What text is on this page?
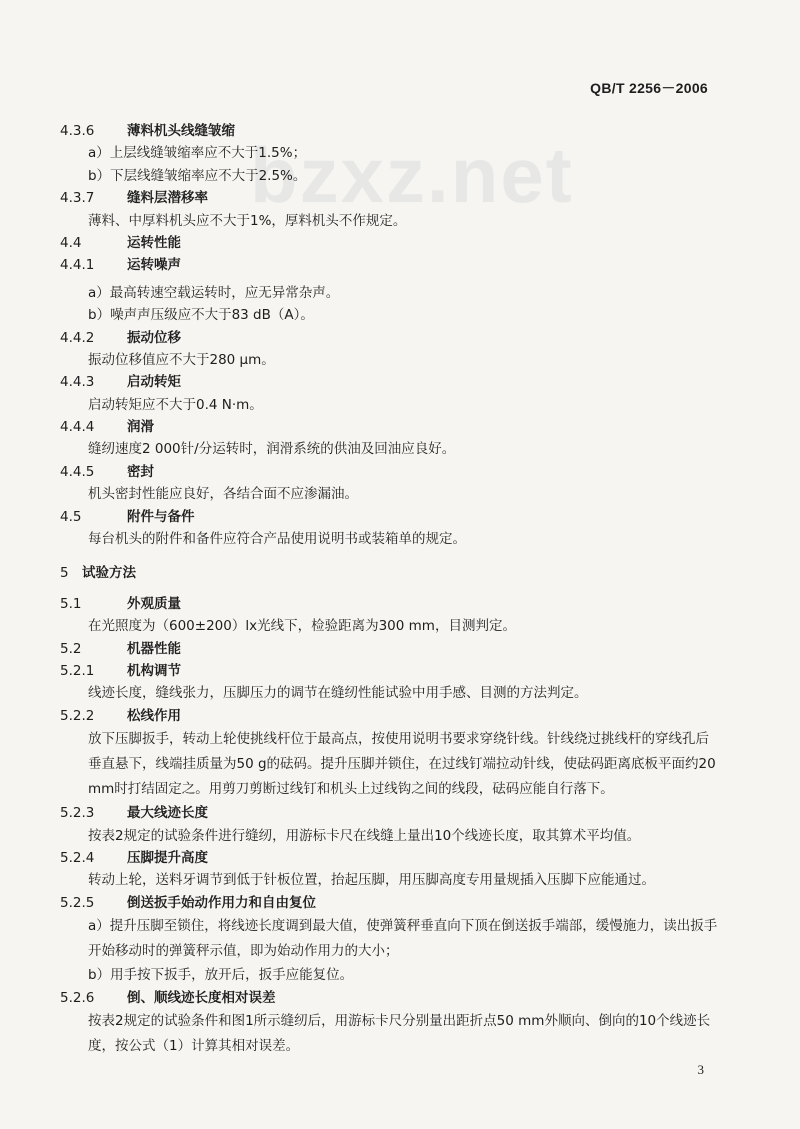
bzxz.net
QB/T 2256－2006
4.3.6 薄料机头线缝皱缩
a）上层线缝皱缩率应不大于1.5%；
b）下层线缝皱缩率应不大于2.5%。
4.3.7 缝料层潜移率
薄料、中厚料机头应不大于1%，厚料机头不作规定。
4.4	运转性能
4.4.1 运转噪声
a）最高转速空载运转时，应无异常杂声。
b）噪声声压级应不大于83 dB（A）。
4.4.2 振动位移
振动位移值应不大于280 μm。
4.4.3 启动转矩
启动转矩应不大于0.4 N·m。
4.4.4 润滑
缝纫速度2 000针/分运转时，润滑系统的供油及回油应良好。
4.4.5 密封
机头密封性能应良好，各结合面不应渗漏油。
4.5	附件与备件
每台机头的附件和备件应符合产品使用说明书或装箱单的规定。
5 试验方法
5.1	外观质量
在光照度为（600±200）lx光线下，检验距离为300 mm，目测判定。
5.2	机器性能
5.2.1 机构调节
线迹长度，缝线张力，压脚压力的调节在缝纫性能试验中用手感、目测的方法判定。
5.2.2 松线作用
放下压脚扳手，转动上轮使挑线杆位于最高点，按使用说明书要求穿绕针线。针线绕过挑线杆的穿线孔后垂直悬下，线端挂质量为50 g的砝码。提升压脚并锁住，在过线钉端拉动针线，使砝码距离底板平面约20 mm时打结固定之。用剪刀剪断过线钉和机头上过线钩之间的线段，砝码应能自行落下。
5.2.3 最大线迹长度
按表2规定的试验条件进行缝纫，用游标卡尺在线缝上量出10个线迹长度，取其算术平均值。
5.2.4 压脚提升高度
转动上轮，送料牙调节到低于针板位置，抬起压脚，用压脚高度专用量规插入压脚下应能通过。
5.2.5 倒送扳手始动作用力和自由复位
a）提升压脚至锁住，将线迹长度调到最大值，使弹簧秤垂直向下顶在倒送扳手端部，缓慢施力，读出扳手开始移动时的弹簧秤示值，即为始动作用力的大小；
b）用手按下扳手，放开后，扳手应能复位。
5.2.6 倒、顺线迹长度相对误差
按表2规定的试验条件和图1所示缝纫后，用游标卡尺分别量出距折点50 mm外顺向、倒向的10个线迹长度，按公式（1）计算其相对误差。
3
